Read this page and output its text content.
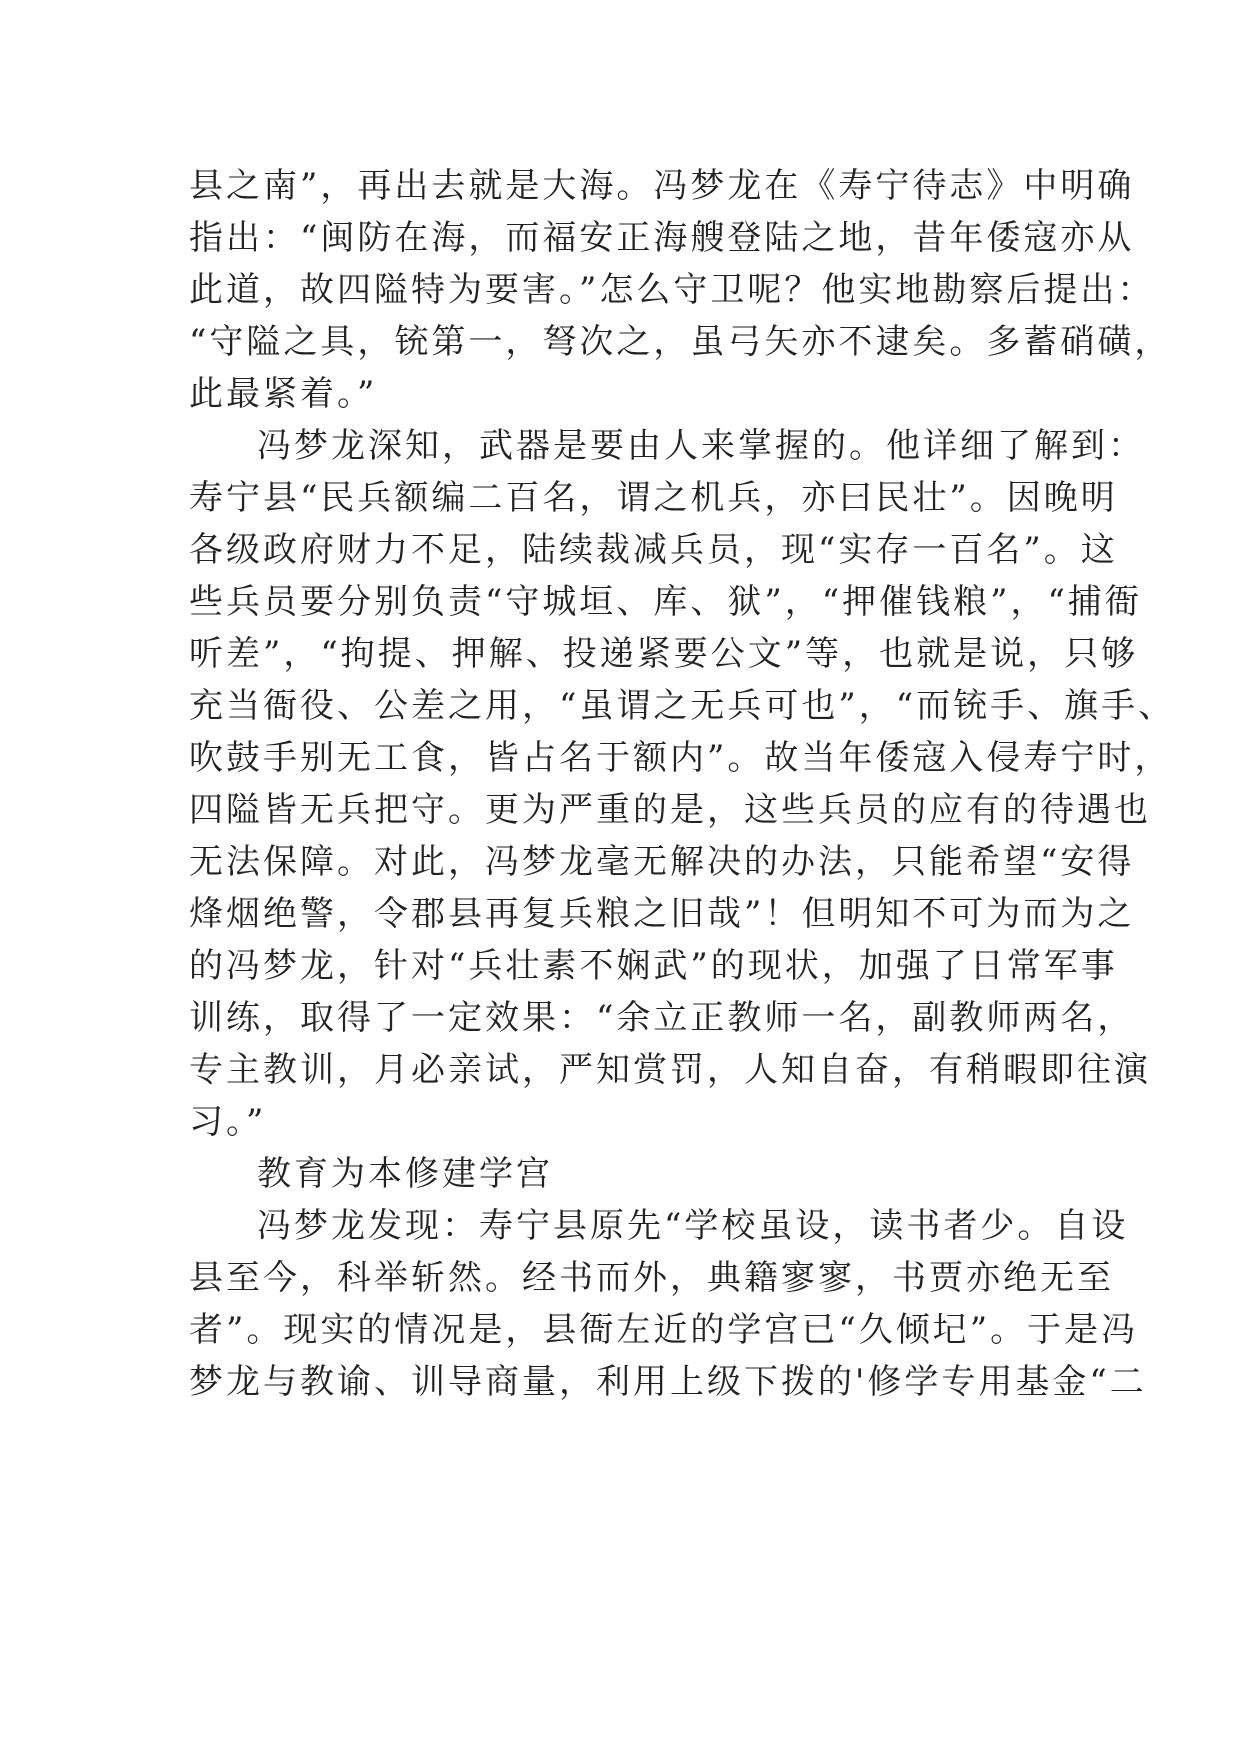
县之南”，再出去就是大海。冯梦龙在《寿宁待志》中明确
指出：“闽防在海，而福安正海艘登陆之地，昔年倭寇亦从
此道，故四隘特为要害。”怎么守卫呢？他实地勘察后提出：
“守隘之具，铳第一，弩次之，虽弓矢亦不逮矣。多蓄硝磺，
此最紧着。”
冯梦龙深知，武器是要由人来掌握的。他详细了解到：
寿宁县“民兵额编二百名，谓之机兵，亦曰民壮”。因晚明
各级政府财力不足，陆续裁减兵员，现“实存一百名”。这
些兵员要分别负责“守城垣、库、狱”，“押催钱粮”，“捕衙
听差”，“拘提、押解、投递紧要公文”等，也就是说，只够
充当衙役、公差之用，“虽谓之无兵可也”，“而铳手、旗手、
吹鼓手别无工食，皆占名于额内”。故当年倭寇入侵寿宁时，
四隘皆无兵把守。更为严重的是，这些兵员的应有的待遇也
无法保障。对此，冯梦龙毫无解决的办法，只能希望“安得
烽烟绝警，令郡县再复兵粮之旧哉”！但明知不可为而为之
的冯梦龙，针对“兵壮素不娴武”的现状，加强了日常军事
训练，取得了一定效果：“余立正教师一名，副教师两名，
专主教训，月必亲试，严知赏罚，人知自奋，有稍暇即往演
习。”
教育为本修建学宫
冯梦龙发现：寿宁县原先“学校虽设，读书者少。自设
县至今，科举斩然。经书而外，典籍寥寥，书贾亦绝无至
者”。现实的情况是，县衙左近的学宫已“久倾圮”。于是冯
梦龙与教谕、训导商量，利用上级下拨的'修学专用基金“二
